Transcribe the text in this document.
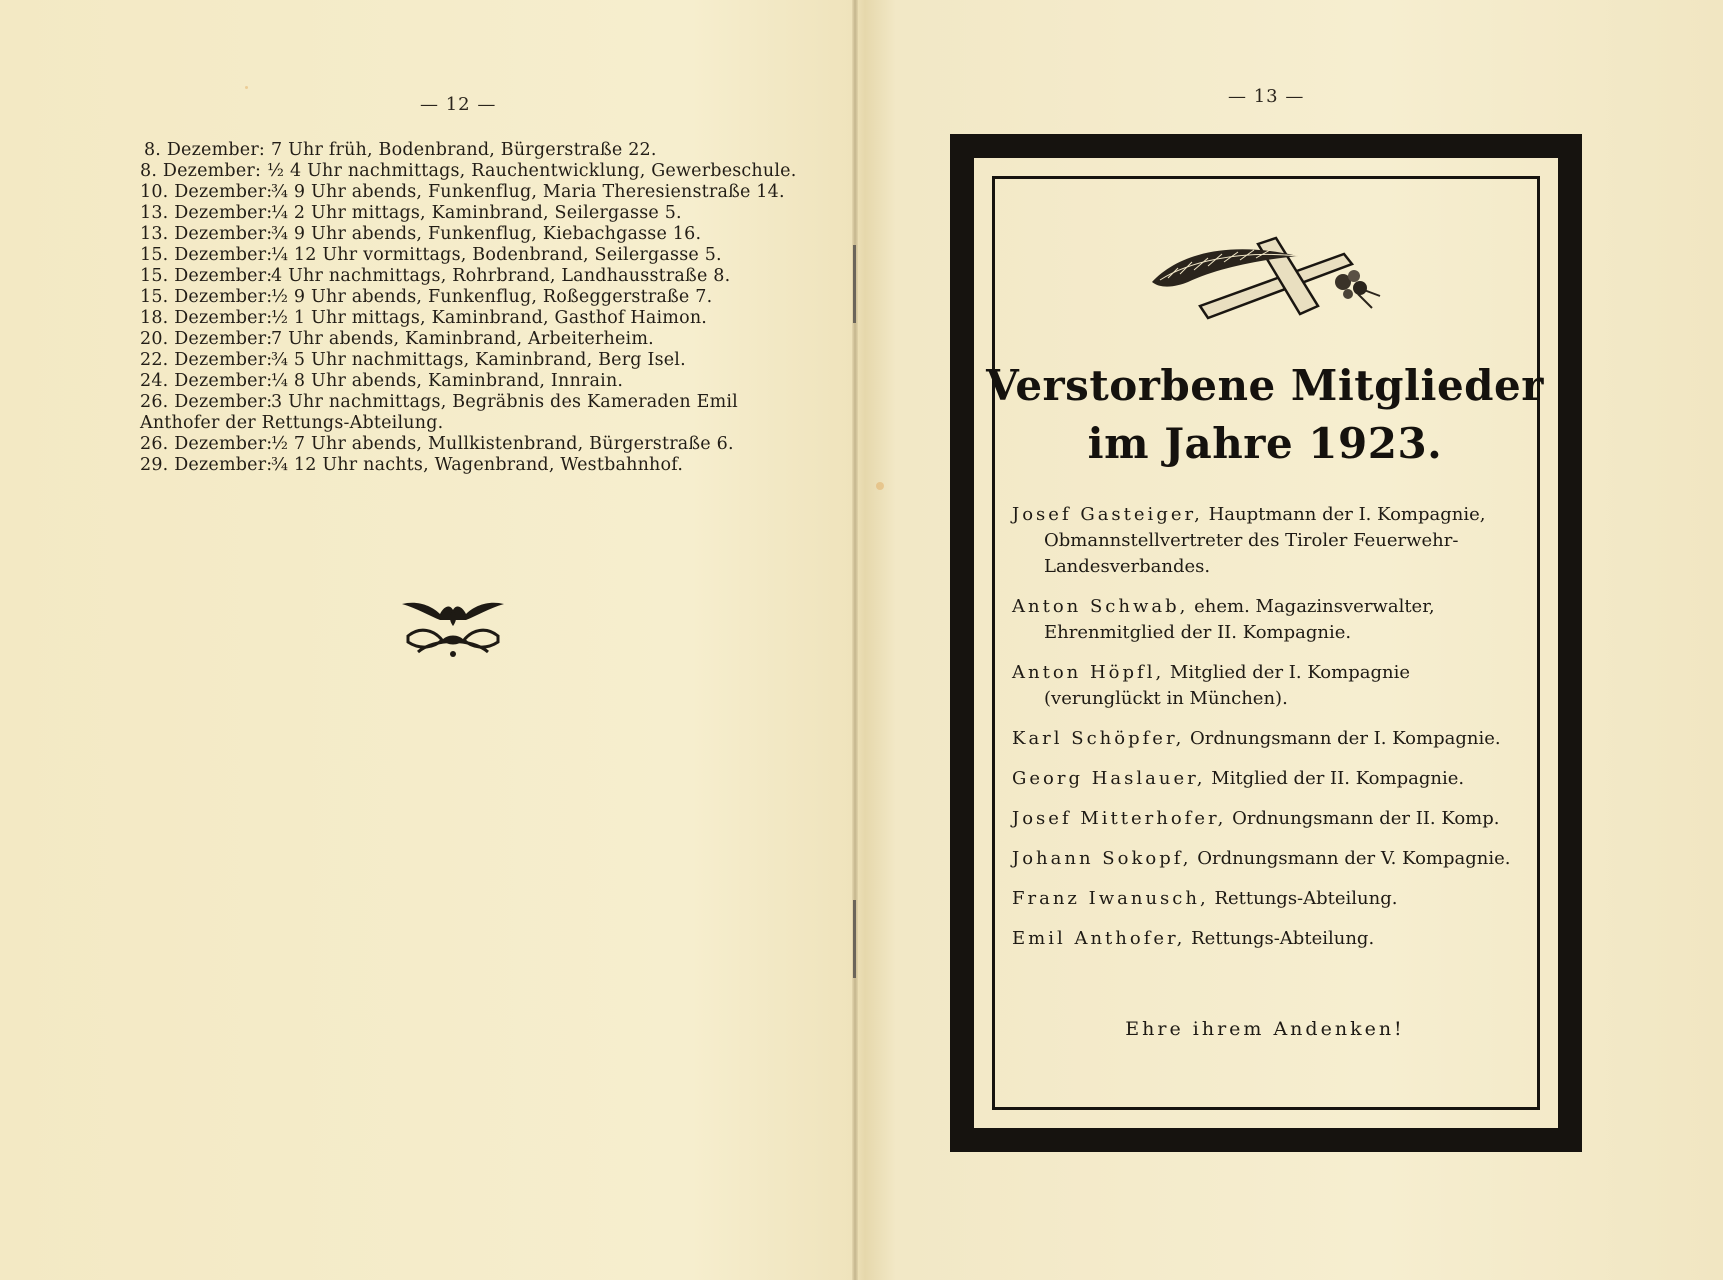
— 12 —
8. Dezember: 7 Uhr früh, Bodenbrand, Bürgerstraße 22.
8. Dezember: ½ 4 Uhr nachmittags, Rauchentwicklung, Gewerbeschule.
10. Dezember:
¾ 9 Uhr abends, Funkenflug, Maria Theresienstraße 14.
13. Dezember:
¼ 2 Uhr mittags, Kaminbrand, Seilergasse 5.
13. Dezember:
¾ 9 Uhr abends, Funkenflug, Kiebachgasse 16.
15. Dezember:
¼ 12 Uhr vormittags, Bodenbrand, Seilergasse 5.
15. Dezember:
4 Uhr nachmittags, Rohrbrand, Landhausstraße 8.
15. Dezember:
½ 9 Uhr abends, Funkenflug, Roßeggerstraße 7.
18. Dezember:
½ 1 Uhr mittags, Kaminbrand, Gasthof Haimon.
20. Dezember:
7 Uhr abends, Kaminbrand, Arbeiterheim.
22. Dezember:
¾ 5 Uhr nachmittags, Kaminbrand, Berg Isel.
24. Dezember:
¼ 8 Uhr abends, Kaminbrand, Innrain.
26. Dezember:
3 Uhr nachmittags, Begräbnis des Kameraden Emil
Anthofer der Rettungs-Abteilung.
26. Dezember:
½ 7 Uhr abends, Mullkistenbrand, Bürgerstraße 6.
29. Dezember:
¾ 12 Uhr nachts, Wagenbrand, Westbahnhof.
— 13 —
Verstorbene Mitglieder
im Jahre 1923.
Josef Gasteiger, Hauptmann der I. Kompagnie, Obmannstellvertreter des Tiroler Feuerwehr-Landesverbandes.
Anton Schwab, ehem. Magazinsverwalter, Ehrenmitglied der II. Kompagnie.
Anton Höpfl, Mitglied der I. Kompagnie (verunglückt in München).
Karl Schöpfer, Ordnungsmann der I. Kompagnie.
Georg Haslauer, Mitglied der II. Kompagnie.
Josef Mitterhofer, Ordnungsmann der II. Komp.
Johann Sokopf, Ordnungsmann der V. Kompagnie.
Franz Iwanusch, Rettungs-Abteilung.
Emil Anthofer, Rettungs-Abteilung.
Ehre ihrem Andenken!
